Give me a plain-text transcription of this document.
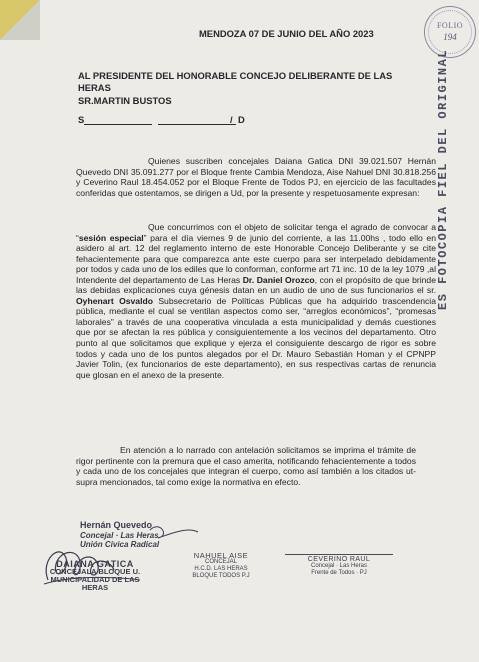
FOLIO
194

MENDOZA 07 DE JUNIO DEL AÑO 2023

AL PRESIDENTE DEL HONORABLE CONCEJO DELIBERANTE DE LAS HERAS

SR.MARTIN BUSTOS

S	/ D

Quienes suscriben concejales Daiana Gatica DNI 39.021.507 Hernán Quevedo DNI 35.091.277 por el Bloque frente Cambia Mendoza, Aise Nahuel DNI 30.818.256 y Ceverino Raul 18.454.052 por el Bloque Frente de Todos PJ, en ejercicio de las facultades conferidas que ostentamos, se dirigen a Ud, por la presente y respetuosamente expresan:

Que concurrimos con el objeto de solicitar tenga el agrado de convocar a “sesión especial” para el día viernes 9 de junio del corriente, a las 11.00hs , todo ello en asidero al art. 12 del reglamento interno de este Honorable Concejo Deliberante y se cite fehacientemente para que comparezca ante este cuerpo para ser interpelado debidamente por todos y cada uno de los ediles que lo conforman, conforme art 71 inc. 10 de la ley 1079 ,al Intendente del departamento de Las Heras Dr. Daniel Orozco, con el propósito de que brinde las debidas explicaciones cuya génesis datan en un audio de uno de sus funcionarios el sr. Oyhenart Osvaldo Subsecretario de Políticas Públicas que ha adquirido trascendencia pública, mediante el cual se ventilan aspectos como ser, “arreglos económicos”, “promesas laborales” a través de una cooperativa vinculada a esta municipalidad y demás cuestiones que por se afectan la res pública y consiguientemente a los vecinos del departamento. Otro punto al que solicitamos que explique y ejerza el consiguiente descargo de rigor es sobre todos y cada uno de los puntos alegados por el Dr. Mauro Sebastián Homan y el CPNPP Javier Tolin, (ex funcionarios de este departamento), en sus respectivas cartas de renuncia que glosan en el anexo de la presente.

En atención a lo narrado con antelación solicitamos se imprima el trámite de rigor pertinente con la premura que el caso amerita, notificando fehacientemente a todos y cada uno de los concejales que integran el cuerpo, como así también a los citados ut-supra mencionados, tal como exige la normativa en efecto.

ES FOTOCOPIA FIEL DEL ORIGINAL
Hernán Quevedo
Concejal · Las Heras
Unión Cívica Radical
DAIANA GATICA
CONCEJALA BLOQUE U.
MUNICIPALIDAD DE LAS HERAS
NAHUEL AISE
CONCEJAL
H.C.D. LAS HERAS
BLOQUE TODOS P.J
CEVERINO RAUL
Concejal · Las Heras
Frente de Todos · PJ
